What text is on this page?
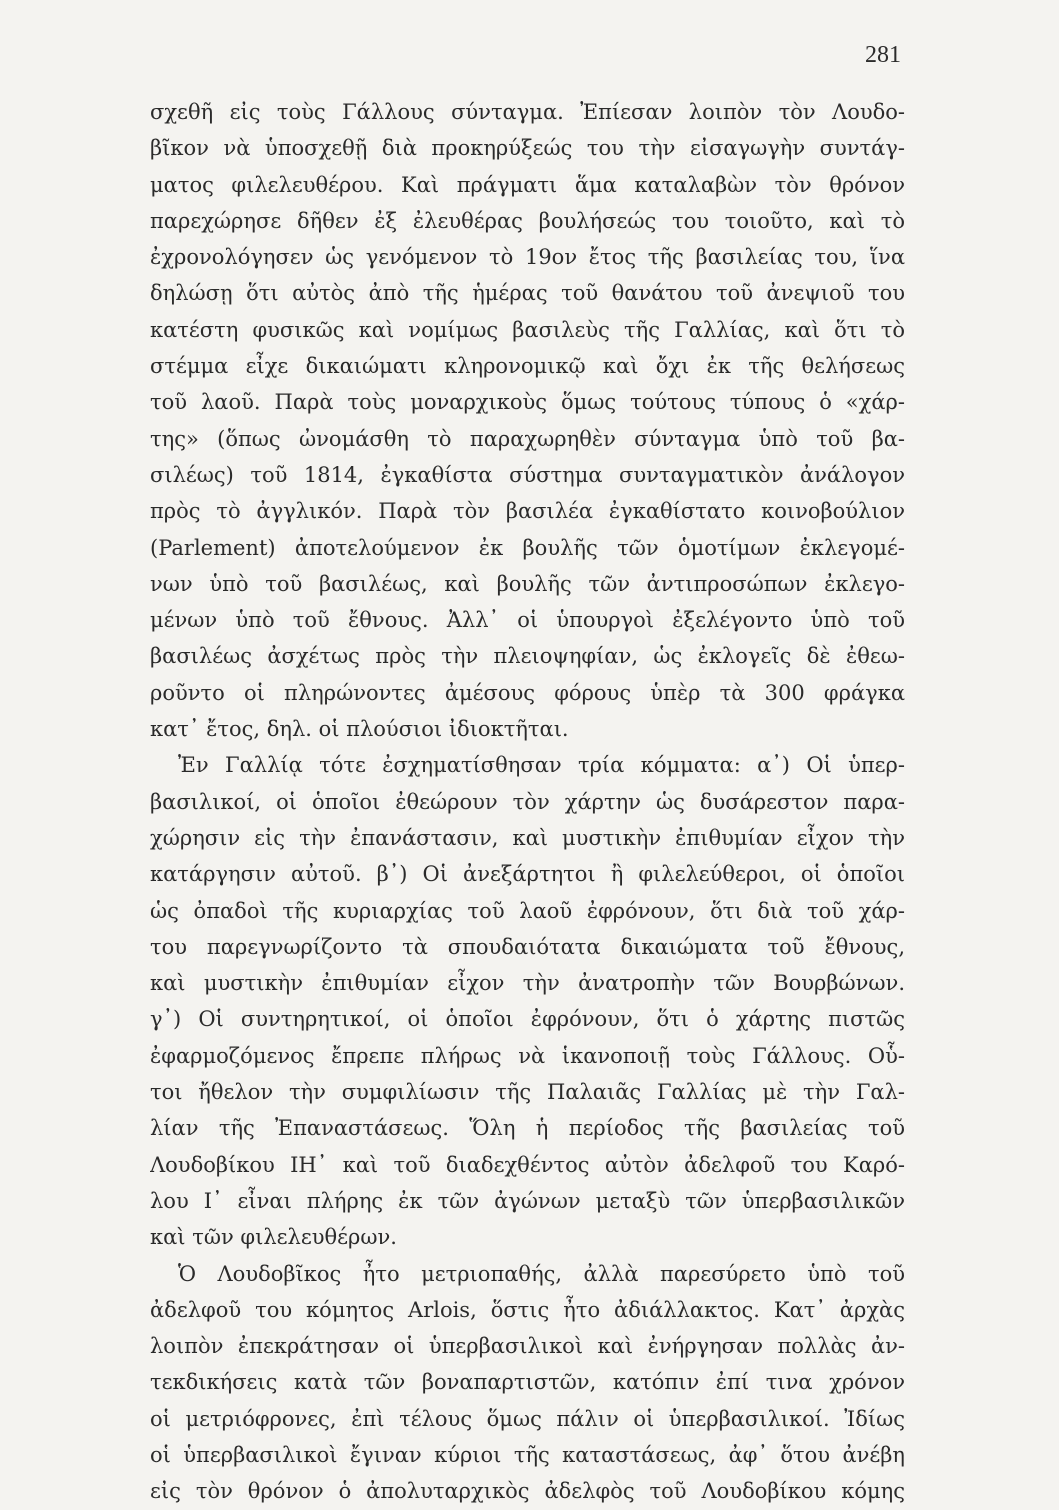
281
σχεθῆ εἰς τοὺς Γάλλους σύνταγμα. Ἐπίεσαν λοιπὸν τὸν Λουδο-
βῖκον νὰ ὑποσχεθῇ διὰ προκηρύξεώς του τὴν εἰσαγωγὴν συντάγ-
ματος φιλελευθέρου. Καὶ πράγματι ἅμα καταλαβὼν τὸν θρόνον
παρεχώρησε δῆθεν ἐξ ἐλευθέρας βουλήσεώς του τοιοῦτο, καὶ τὸ
ἐχρονολόγησεν ὡς γενόμενον τὸ 19ον ἔτος τῆς βασιλείας του, ἵνα
δηλώσῃ ὅτι αὐτὸς ἀπὸ τῆς ἡμέρας τοῦ θανάτου τοῦ ἀνεψιοῦ του
κατέστη φυσικῶς καὶ νομίμως βασιλεὺς τῆς Γαλλίας, καὶ ὅτι τὸ
στέμμα εἶχε δικαιώματι κληρονομικῷ καὶ ὄχι ἐκ τῆς θελήσεως
τοῦ λαοῦ. Παρὰ τοὺς μοναρχικοὺς ὅμως τούτους τύπους ὁ «χάρ-
της» (ὅπως ὠνομάσθη τὸ παραχωρηθὲν σύνταγμα ὑπὸ τοῦ βα-
σιλέως) τοῦ 1814, ἐγκαθίστα σύστημα συνταγματικὸν ἀνάλογον
πρὸς τὸ ἀγγλικόν. Παρὰ τὸν βασιλέα ἐγκαθίστατο κοινοβούλιον
(Parlement) ἀποτελούμενον ἐκ βουλῆς τῶν ὁμοτίμων ἐκλεγομέ-
νων ὑπὸ τοῦ βασιλέως, καὶ βουλῆς τῶν ἀντιπροσώπων ἐκλεγο-
μένων ὑπὸ τοῦ ἔθνους. Ἀλλ᾿ οἱ ὑπουργοὶ ἐξελέγοντο ὑπὸ τοῦ
βασιλέως ἀσχέτως πρὸς τὴν πλειοψηφίαν, ὡς ἐκλογεῖς δὲ ἐθεω-
ροῦντο οἱ πληρώνοντες ἀμέσους φόρους ὑπὲρ τὰ 300 φράγκα
κατ᾿ ἔτος, δηλ. οἱ πλούσιοι ἰδιοκτῆται.
Ἐν Γαλλίᾳ τότε ἐσχηματίσθησαν τρία κόμματα: α᾿) Οἱ ὑπερ-
βασιλικοί, οἱ ὁποῖοι ἐθεώρουν τὸν χάρτην ὡς δυσάρεστον παρα-
χώρησιν εἰς τὴν ἐπανάστασιν, καὶ μυστικὴν ἐπιθυμίαν εἶχον τὴν
κατάργησιν αὐτοῦ. β᾿) Οἱ ἀνεξάρτητοι ἢ φιλελεύθεροι, οἱ ὁποῖοι
ὡς ὀπαδοὶ τῆς κυριαρχίας τοῦ λαοῦ ἐφρόνουν, ὅτι διὰ τοῦ χάρ-
του παρεγνωρίζοντο τὰ σπουδαιότατα δικαιώματα τοῦ ἔθνους,
καὶ μυστικὴν ἐπιθυμίαν εἶχον τὴν ἀνατροπὴν τῶν Βουρβώνων.
γ᾿) Οἱ συντηρητικοί, οἱ ὁποῖοι ἐφρόνουν, ὅτι ὁ χάρτης πιστῶς
ἐφαρμοζόμενος ἔπρεπε πλήρως νὰ ἱκανοποιῇ τοὺς Γάλλους. Οὗ-
τοι ἤθελον τὴν συμφιλίωσιν τῆς Παλαιᾶς Γαλλίας μὲ τὴν Γαλ-
λίαν τῆς Ἐπαναστάσεως. Ὅλη ἡ περίοδος τῆς βασιλείας τοῦ
Λουδοβίκου ΙΗ᾿ καὶ τοῦ διαδεχθέντος αὐτὸν ἀδελφοῦ του Καρό-
λου Ι᾿ εἶναι πλήρης ἐκ τῶν ἀγώνων μεταξὺ τῶν ὑπερβασιλικῶν
καὶ τῶν φιλελευθέρων.
Ὁ Λουδοβῖκος ἦτο μετριοπαθής, ἀλλὰ παρεσύρετο ὑπὸ τοῦ
ἀδελφοῦ του κόμητος Arlois, ὅστις ἦτο ἀδιάλλακτος. Κατ᾿ ἀρχὰς
λοιπὸν ἐπεκράτησαν οἱ ὑπερβασιλικοὶ καὶ ἐνήργησαν πολλὰς ἀν-
τεκδικήσεις κατὰ τῶν βοναπαρτιστῶν, κατόπιν ἐπί τινα χρόνον
οἱ μετριόφρονες, ἐπὶ τέλους ὅμως πάλιν οἱ ὑπερβασιλικοί. Ἰδίως
οἱ ὑπερβασιλικοὶ ἔγιναν κύριοι τῆς καταστάσεως, ἀφ᾿ ὅτου ἀνέβη
εἰς τὸν θρόνον ὁ ἀπολυταρχικὸς ἀδελφὸς τοῦ Λουδοβίκου κόμης
